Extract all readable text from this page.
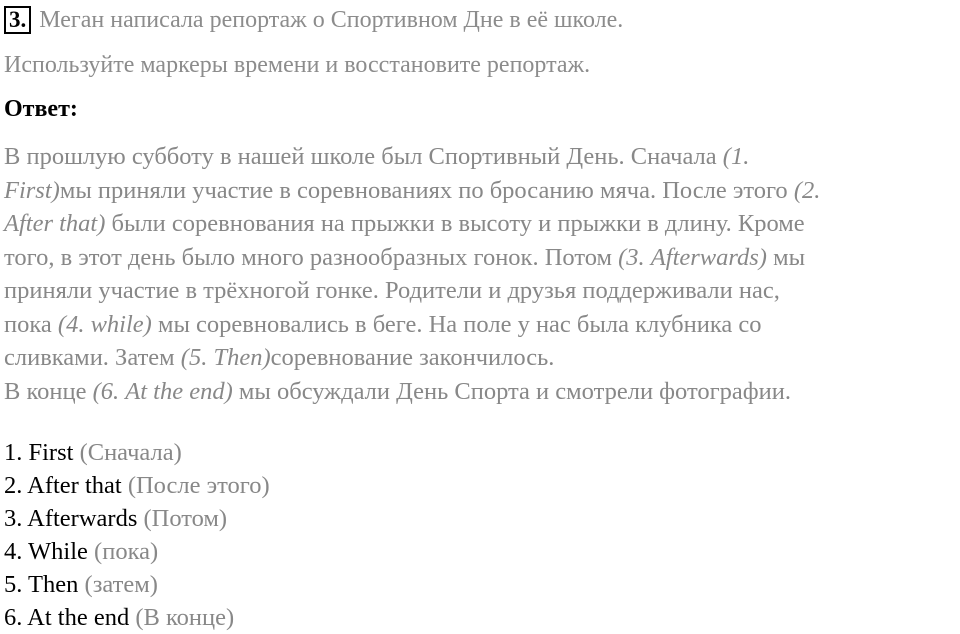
3. Меган написала репортаж о Спортивном Дне в её школе.
Используйте маркеры времени и восстановите репортаж.
Ответ:
В прошлую субботу в нашей школе был Спортивный День. Сначала (1.
First)мы приняли участие в соревнованиях по бросанию мяча. После этого (2.
After that) были соревнования на прыжки в высоту и прыжки в длину. Кроме
того, в этот день было много разнообразных гонок. Потом (3. Afterwards) мы
приняли участие в трёхногой гонке. Родители и друзья поддерживали нас,
пока (4. while) мы соревновались в беге. На поле у нас была клубника со
сливками. Затем (5. Then)соревнование закончилось.
В конце (6. At the end) мы обсуждали День Спорта и смотрели фотографии.
1. First (Сначала)
2. After that (После этого)
3. Afterwards (Потом)
4. While (пока)
5. Then (затем)
6. At the end (В конце)
